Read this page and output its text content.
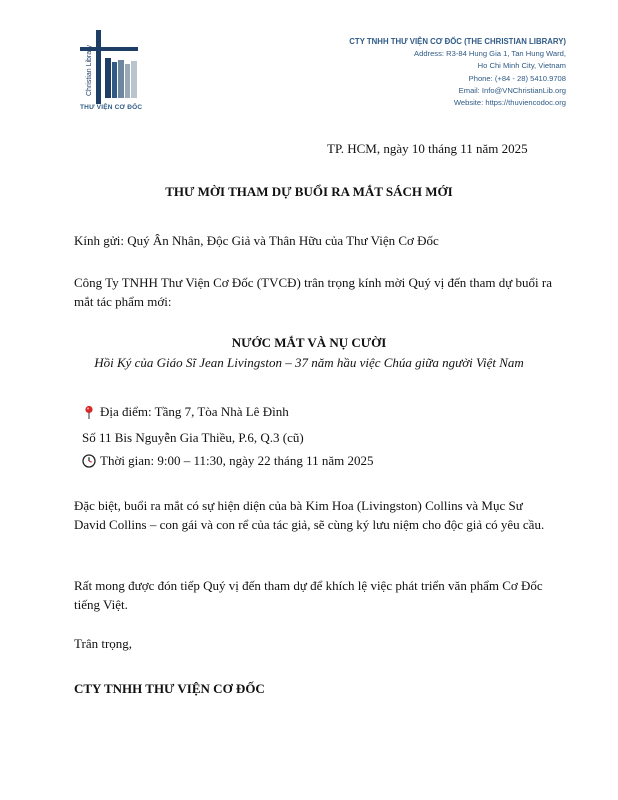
Christian Library
THƯ VIỆN CƠ ĐỐC
CTY TNHH THƯ VIỆN CƠ ĐỐC (THE CHRISTIAN LIBRARY)
Address: R3-84 Hung Gia 1, Tan Hung Ward,
Ho Chi Minh City, Vietnam
Phone: (+84 - 28) 5410.9708
Email: Info@VNChristianLib.org
Website: https://thuviencodoc.org
TP. HCM, ngày 10 tháng 11 năm 2025
THƯ MỜI THAM DỰ BUỔI RA MẮT SÁCH MỚI
Kính gửi: Quý Ân Nhân, Độc Giả và Thân Hữu của Thư Viện Cơ Đốc
Công Ty TNHH Thư Viện Cơ Đốc (TVCĐ) trân trọng kính mời Quý vị đến tham dự buổi ra mắt tác phẩm mới:
NƯỚC MẮT VÀ NỤ CƯỜI
Hồi Ký của Giáo Sĩ Jean Livingston – 37 năm hầu việc Chúa giữa người Việt Nam
Địa điểm: Tầng 7, Tòa Nhà Lê Đình
Số 11 Bis Nguyễn Gia Thiều, P.6, Q.3 (cũ)
Thời gian: 9:00 – 11:30, ngày 22 tháng 11 năm 2025
Đặc biệt, buổi ra mắt có sự hiện diện của bà Kim Hoa (Livingston) Collins và Mục Sư David Collins – con gái và con rể của tác giả, sẽ cùng ký lưu niệm cho độc giả có yêu cầu.
Rất mong được đón tiếp Quý vị đến tham dự để khích lệ việc phát triển văn phẩm Cơ Đốc tiếng Việt.
Trân trọng,
CTY TNHH THƯ VIỆN CƠ ĐỐC
